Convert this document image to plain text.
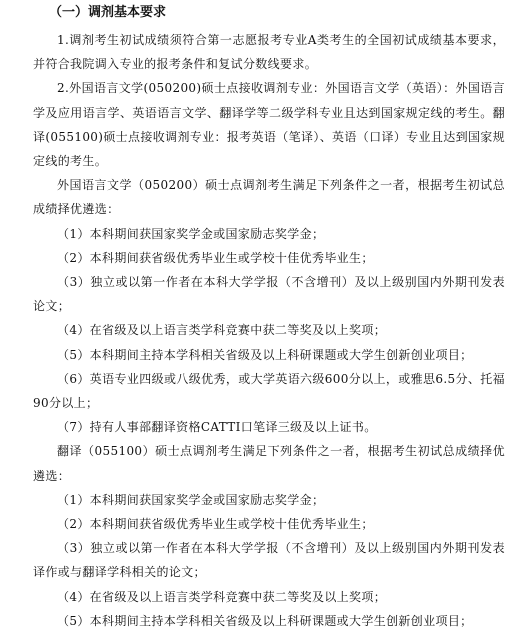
（一）调剂基本要求

1.调剂考生初试成绩须符合第一志愿报考专业A类考生的全国初试成绩基本要求，并符合我院调入专业的报考条件和复试分数线要求。

2.外国语言文学(050200)硕士点接收调剂专业：外国语言文学（英语）：外国语言学及应用语言学、英语语言文学、翻译学等二级学科专业且达到国家规定线的考生。翻译(055100)硕士点接收调剂专业：报考英语（笔译）、英语（口译）专业且达到国家规定线的考生。

外国语言文学（050200）硕士点调剂考生满足下列条件之一者，根据考生初试总成绩择优遴选：

（1）本科期间获国家奖学金或国家励志奖学金；

（2）本科期间获省级优秀毕业生或学校十佳优秀毕业生；

（3）独立或以第一作者在本科大学学报（不含增刊）及以上级别国内外期刊发表论文；

（4）在省级及以上语言类学科竞赛中获二等奖及以上奖项；

（5）本科期间主持本学科相关省级及以上科研课题或大学生创新创业项目；

（6）英语专业四级或八级优秀，或大学英语六级600分以上，或雅思6.5分、托福90分以上；

（7）持有人事部翻译资格CATTI口笔译三级及以上证书。

翻译（055100）硕士点调剂考生满足下列条件之一者，根据考生初试总成绩择优遴选：

（1）本科期间获国家奖学金或国家励志奖学金；

（2）本科期间获省级优秀毕业生或学校十佳优秀毕业生；

（3）独立或以第一作者在本科大学学报（不含增刊）及以上级别国内外期刊发表译作或与翻译学科相关的论文；

（4）在省级及以上语言类学科竞赛中获二等奖及以上奖项；

（5）本科期间主持本学科相关省级及以上科研课题或大学生创新创业项目；
